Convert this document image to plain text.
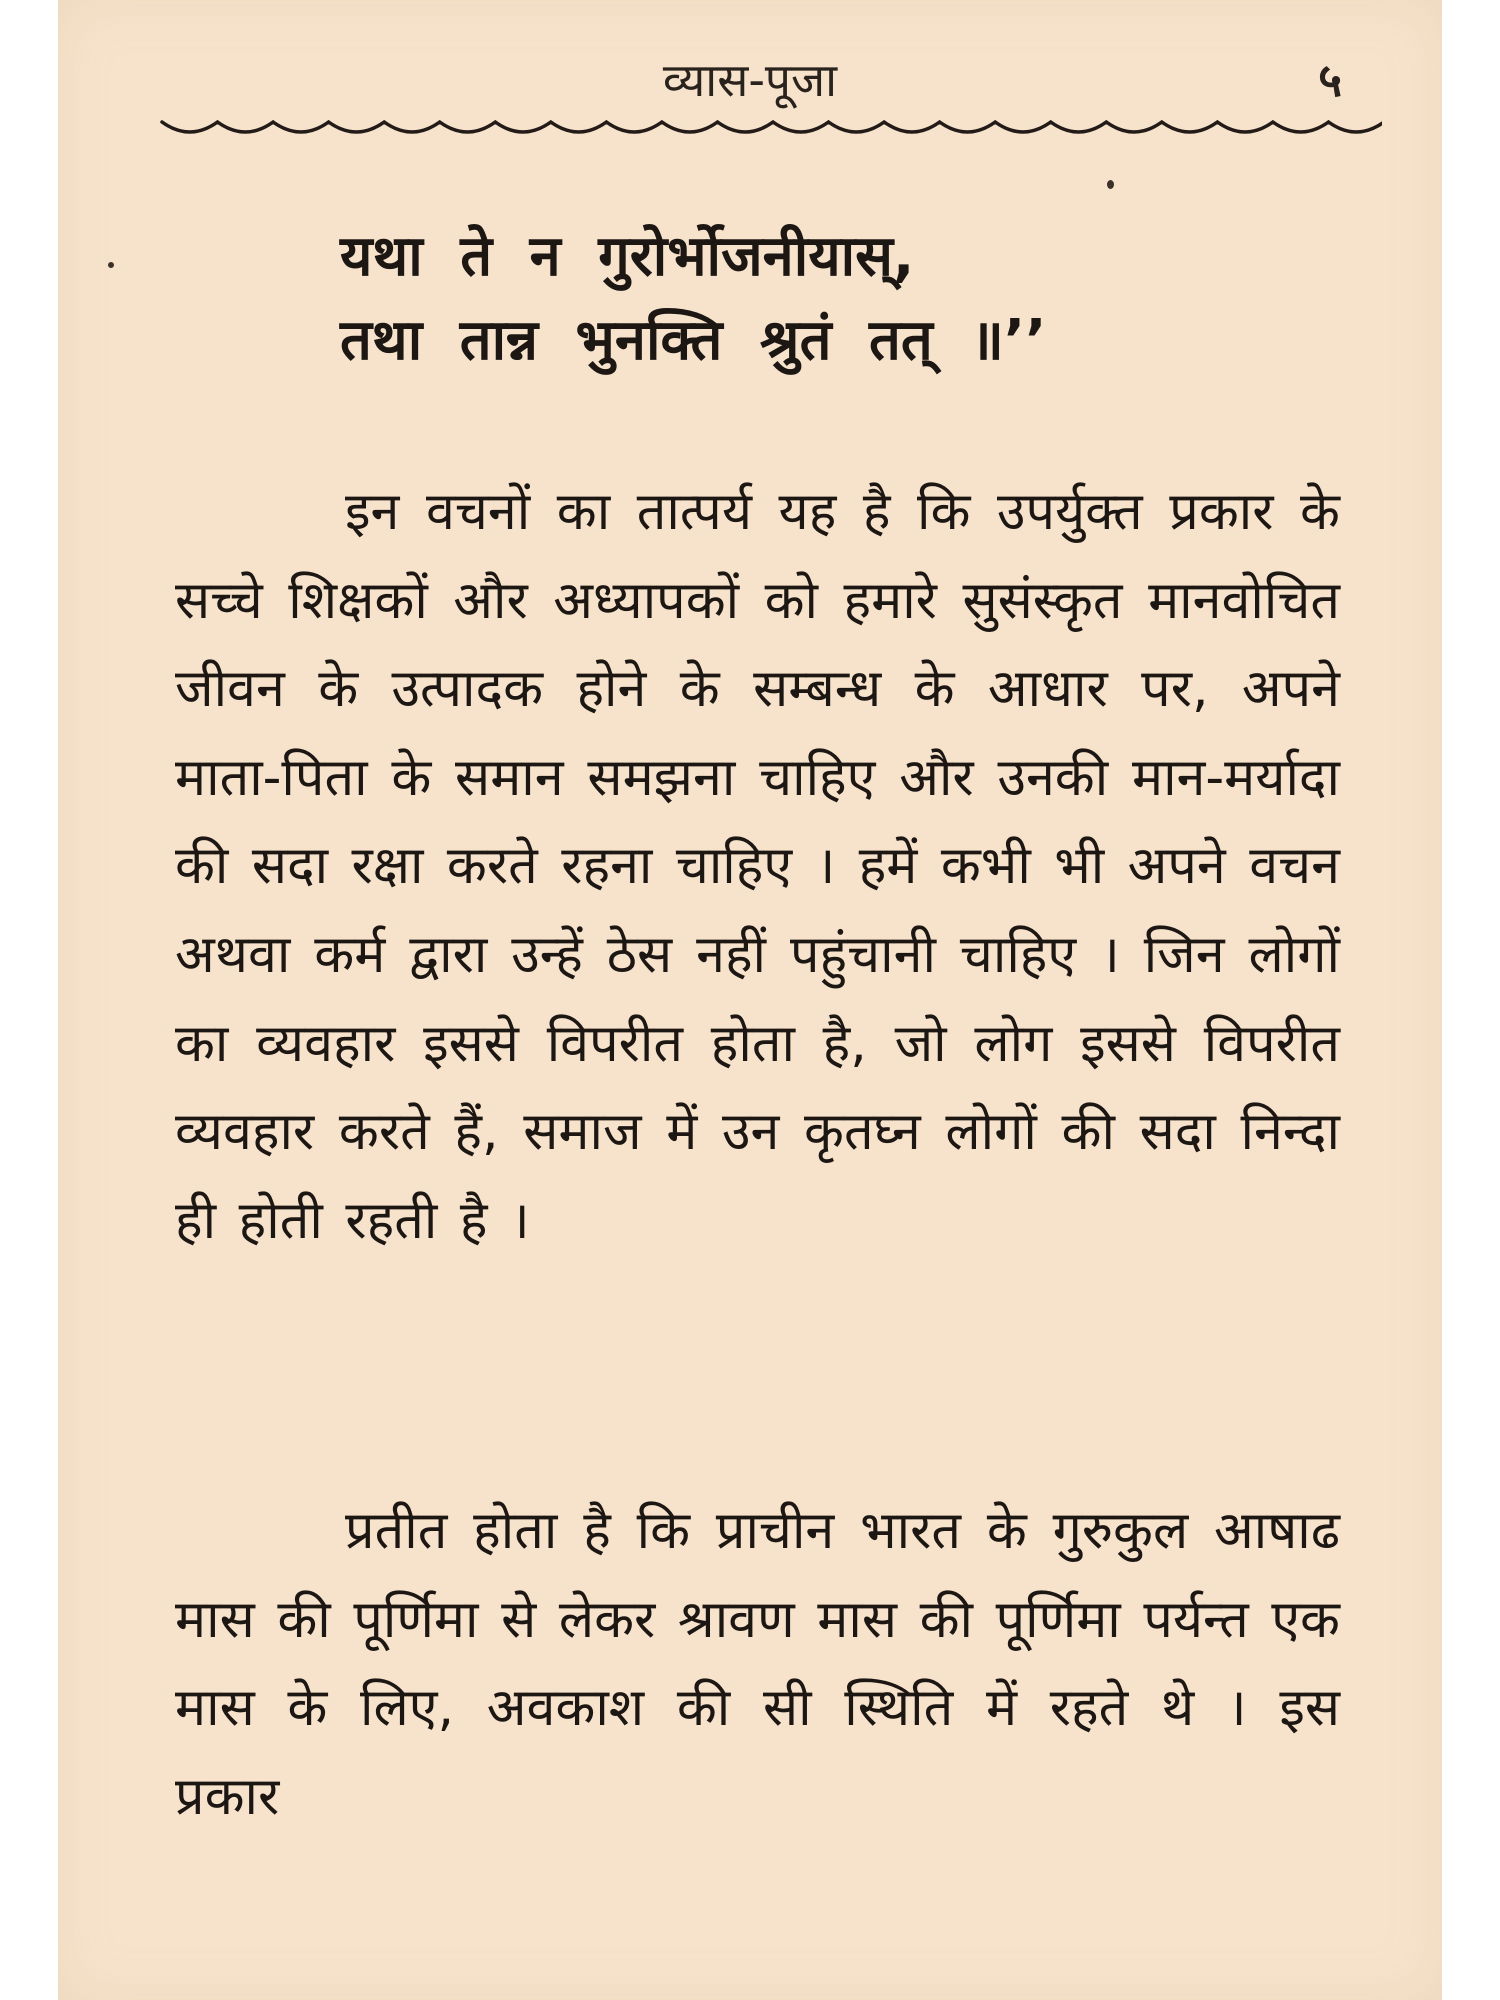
व्यास-पूजा	५
यथा ते न गुरोर्भोजनीयास्,
तथा तान्न भुनक्ति श्रुतं तत् ॥’’
इन वचनों का तात्पर्य यह है कि उपर्युक्त प्रकार के सच्चे शिक्षकों और अध्यापकों को हमारे सुसंस्कृत मानवोचित जीवन के उत्पादक होने के सम्बन्ध के आधार पर, अपने माता-पिता के समान समझना चाहिए और उनकी मान-मर्यादा की सदा रक्षा करते रहना चाहिए । हमें कभी भी अपने वचन अथवा कर्म द्वारा उन्हें ठेस नहीं पहुंचानी चाहिए । जिन लोगों का व्यवहार इससे विपरीत होता है, जो लोग इससे विपरीत व्यवहार करते हैं, समाज में उन कृतघ्न लोगों की सदा निन्दा ही होती रहती है ।
प्रतीत होता है कि प्राचीन भारत के गुरुकुल आषाढ मास की पूर्णिमा से लेकर श्रावण मास की पूर्णिमा पर्यन्त एक मास के लिए, अवकाश की सी स्थिति में रहते थे । इस प्रकार
